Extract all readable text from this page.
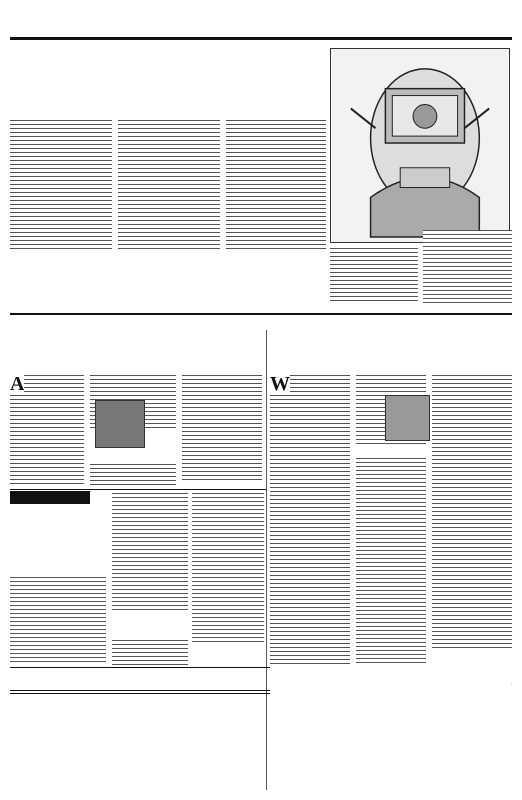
A	W
,
